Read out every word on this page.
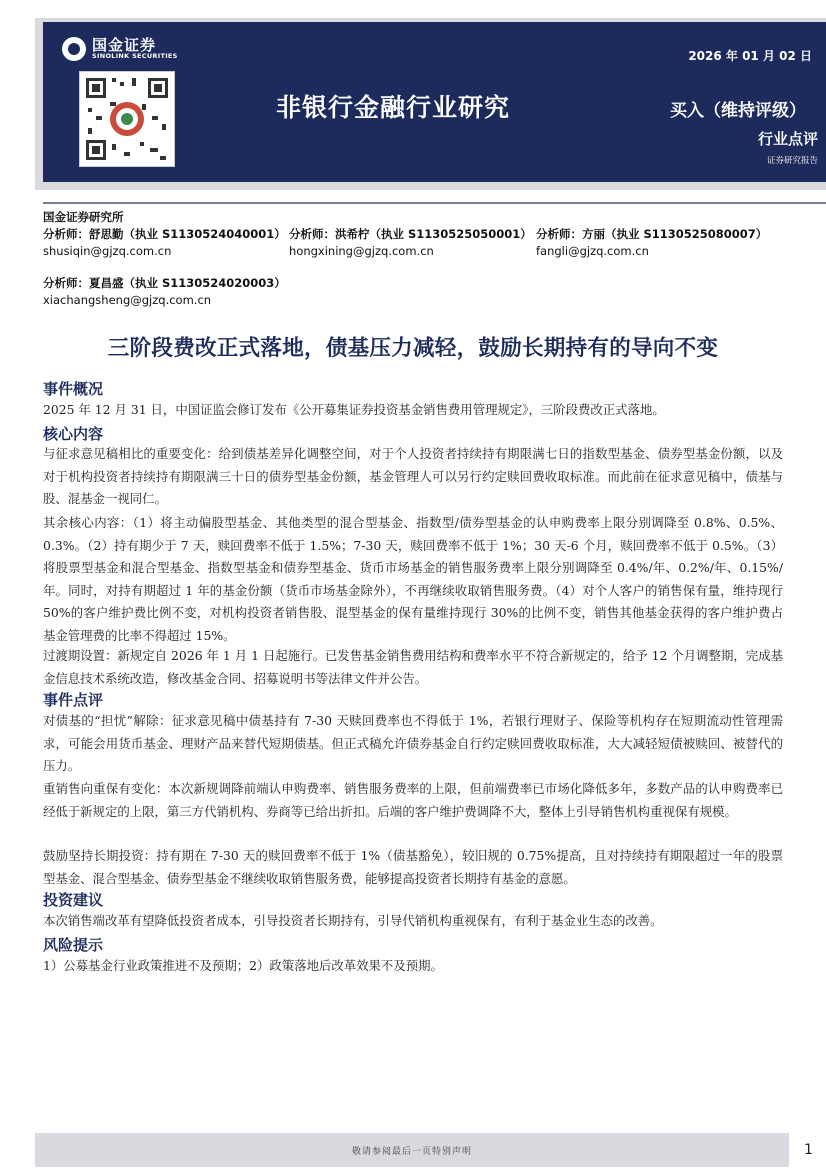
国金证券
SINOLINK SECURITIES	2026 年 01 月 02 日
非银行金融行业研究	买入（维持评级）
行业点评
证券研究报告
国金证券研究所
分析师：舒思勤（执业 S1130524040001）
shusiqin@gjzq.com.cn
分析师：洪希柠（执业 S1130525050001）
hongxining@gjzq.com.cn
分析师：方丽（执业 S1130525080007）
fangli@gjzq.com.cn
分析师：夏昌盛（执业 S1130524020003）
xiachangsheng@gjzq.com.cn
三阶段费改正式落地，债基压力减轻，鼓励长期持有的导向不变
事件概况
2025 年 12 月 31 日，中国证监会修订发布《公开募集证券投资基金销售费用管理规定》，三阶段费改正式落地。
核心内容
与征求意见稿相比的重要变化：给到债基差异化调整空间，对于个人投资者持续持有期限满七日的指数型基金、债券型基金份额，以及对于机构投资者持续持有期限满三十日的债券型基金份额，基金管理人可以另行约定赎回费收取标准。而此前在征求意见稿中，债基与股、混基金一视同仁。
其余核心内容：（1）将主动偏股型基金、其他类型的混合型基金、指数型/债券型基金的认申购费率上限分别调降至 0.8%、0.5%、0.3%。（2）持有期少于 7 天，赎回费率不低于 1.5%；7-30 天，赎回费率不低于 1%；30 天-6 个月，赎回费率不低于 0.5%。（3）将股票型基金和混合型基金、指数型基金和债券型基金、货币市场基金的销售服务费率上限分别调降至 0.4%/年、0.2%/年、0.15%/年。同时，对持有期超过 1 年的基金份额（货币市场基金除外），不再继续收取销售服务费。（4）对个人客户的销售保有量，维持现行 50%的客户维护费比例不变，对机构投资者销售股、混型基金的保有量维持现行 30%的比例不变，销售其他基金获得的客户维护费占基金管理费的比率不得超过 15%。
过渡期设置：新规定自 2026 年 1 月 1 日起施行。已发售基金销售费用结构和费率水平不符合新规定的，给予 12 个月调整期，完成基金信息技术系统改造，修改基金合同、招募说明书等法律文件并公告。
事件点评
对债基的“担忧”解除：征求意见稿中债基持有 7-30 天赎回费率也不得低于 1%，若银行理财子、保险等机构存在短期流动性管理需求，可能会用货币基金、理财产品来替代短期债基。但正式稿允许债券基金自行约定赎回费收取标准，大大减轻短债被赎回、被替代的压力。
重销售向重保有变化：本次新规调降前端认申购费率、销售服务费率的上限，但前端费率已市场化降低多年，多数产品的认申购费率已经低于新规定的上限，第三方代销机构、券商等已给出折扣。后端的客户维护费调降不大，整体上引导销售机构重视保有规模。
鼓励坚持长期投资：持有期在 7-30 天的赎回费率不低于 1%（债基豁免），较旧规的 0.75%提高，且对持续持有期限超过一年的股票型基金、混合型基金、债券型基金不继续收取销售服务费，能够提高投资者长期持有基金的意愿。
投资建议
本次销售端改革有望降低投资者成本，引导投资者长期持有，引导代销机构重视保有，有利于基金业生态的改善。
风险提示
1）公募基金行业政策推进不及预期；2）政策落地后改革效果不及预期。
敬请参阅最后一页特别声明	1
